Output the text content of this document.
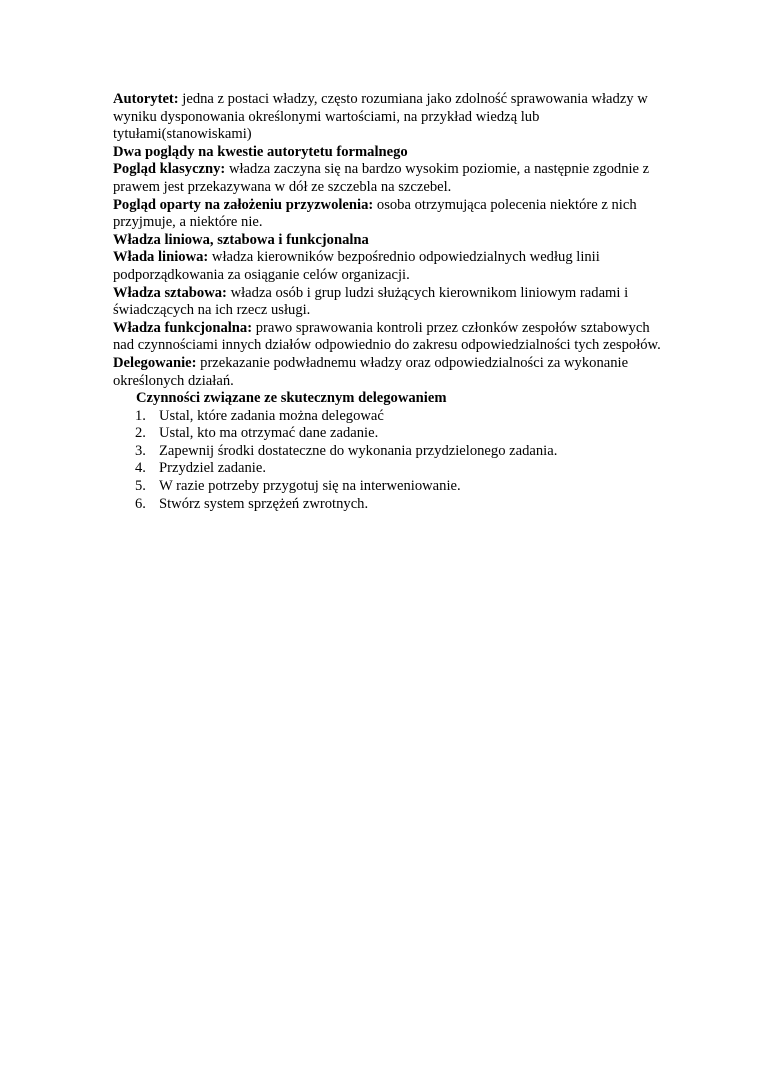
Autorytet: jedna z postaci władzy, często rozumiana jako zdolność sprawowania władzy w wyniku dysponowania określonymi wartościami, na przykład wiedzą lub tytułami(stanowiskami)

Dwa poglądy na kwestie autorytetu formalnego

Pogląd klasyczny: władza zaczyna się na bardzo wysokim poziomie, a następnie zgodnie z prawem jest przekazywana w dół ze szczebla na szczebel.

Pogląd oparty na założeniu przyzwolenia: osoba otrzymująca polecenia niektóre z nich przyjmuje, a niektóre nie.

Władza liniowa, sztabowa i funkcjonalna

Włada liniowa: władza kierowników bezpośrednio odpowiedzialnych według linii podporządkowania za osiąganie celów organizacji.

Władza sztabowa: władza osób i grup ludzi służących kierownikom liniowym radami i świadczących na ich rzecz usługi.

Władza funkcjonalna: prawo sprawowania kontroli przez członków zespołów sztabowych nad czynnościami innych działów odpowiednio do zakresu odpowiedzialności tych zespołów.

Delegowanie: przekazanie podwładnemu władzy oraz odpowiedzialności za wykonanie określonych działań.

Czynności związane ze skutecznym delegowaniem

1. Ustal, które zadania można delegować
2. Ustal, kto ma otrzymać dane zadanie.
3. Zapewnij środki dostateczne do wykonania przydzielonego zadania.
4. Przydziel zadanie.
5. W razie potrzeby przygotuj się na interweniowanie.
6. Stwórz system sprzężeń zwrotnych.
